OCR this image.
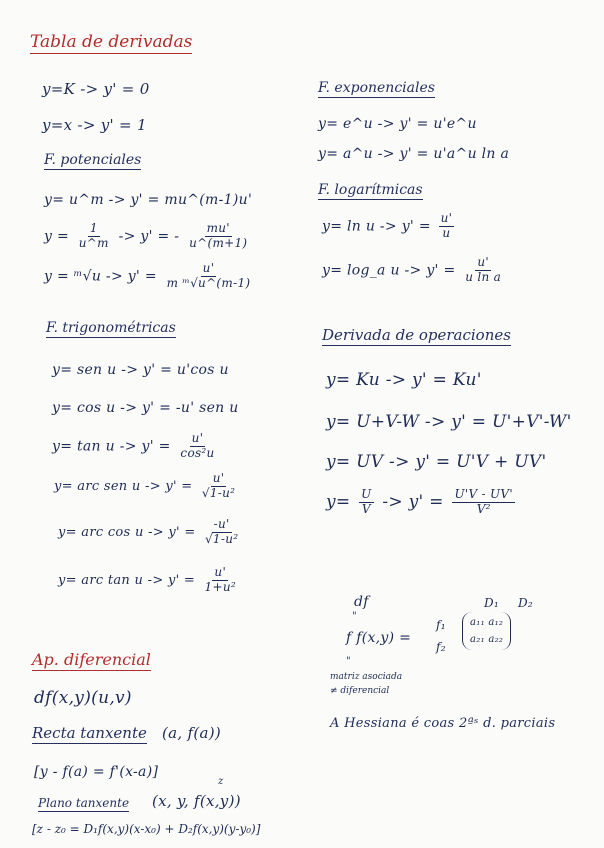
Tabla de derivadas
y=K -> y' = 0
y=x -> y' = 1
F. potenciales
y= u^m -> y' = mu^(m-1)u'
$y = \frac{1}{u\^{}m} -> y'$ = - $\frac{mu'}{u\^{}(m+1)}$
y = ᵐ√u -> $y' = \frac{u'}{\text{m ᵐ√u\textasciicircum{}(m-1)}}$
F. trigonométricas
y= sen u -> y' = u'cos u
y= cos u -> y' = -u' sen u
$y= \tan u -> y' = \frac{u'}{\text{cos²u}}$
y= arc sen $u -> y' = \frac{u'}{\text{√1-u²}}$
y= arc $\cos u -> y' = \frac{-u'}{\text{√1-u²}}$
y= arc $\tan u -> y' = \frac{u'}{\text{1+u²}}$
F. exponenciales
y= e^u -> y' = u'e^u
y= a^u -> y' = u'a^u ln a
F. logarítmicas
$y= \ln u -> y' = \frac{u'}{u}$
y= log_a $u -> y' = \frac{u'}{\text{u ln a}}$
Derivada de operaciones
y= Ku -> y' = Ku'
y= U+V-W -> y' = U'+V'-W'
y= UV -> y' = U'V + UV'
$y= \frac{U}{V} -> y' = \frac{U'V - UV'}{\text{V²}}$
df
"
f f(x,y) =
f₁
f₂
D₁ D₂
a₁₁ a₁₂
a₂₁ a₂₂
"
matriz asociada
≠ diferencial
A Hessiana é coas 2ªˢ d. parciais
Ap. diferencial
df(x,y)(u,v)
Recta tanxente (a, f(a))
[y - f(a) = f'(x-a)]
Plano tanxente
z
(x, y, f(x,y))
[z - z₀ = D₁f(x,y)(x-x₀) + D₂f(x,y)(y-y₀)]
